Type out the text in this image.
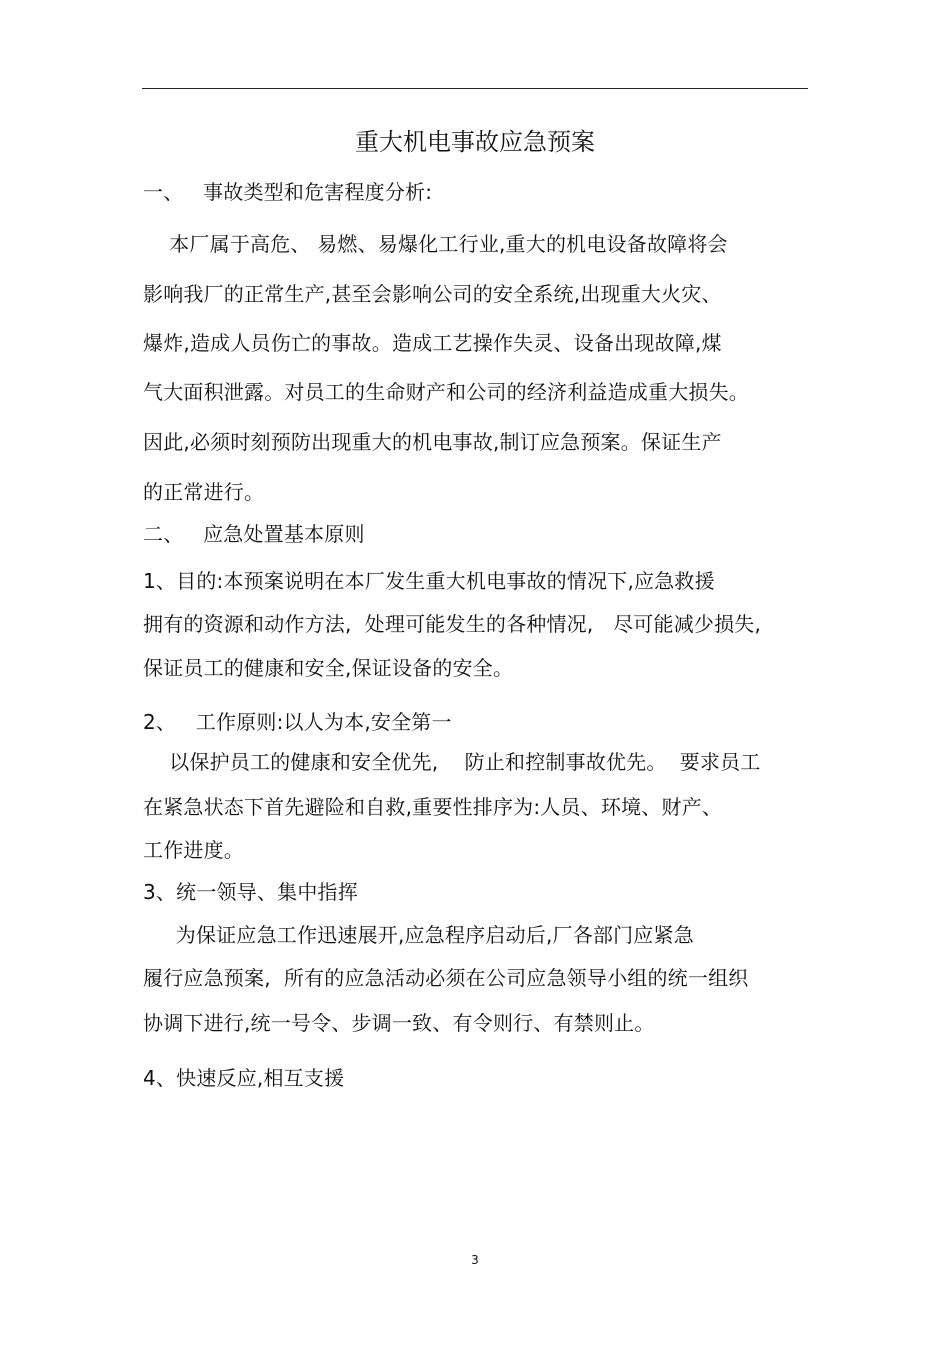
重大机电事故应急预案
一、   事故类型和危害程度分析:
本厂属于高危、 易燃、易爆化工行业,重大的机电设备故障将会
影响我厂的正常生产,甚至会影响公司的安全系统,出现重大火灾、
爆炸,造成人员伤亡的事故。造成工艺操作失灵、设备出现故障,煤
气大面积泄露。对员工的生命财产和公司的经济利益造成重大损失。
因此,必须时刻预防出现重大的机电事故,制订应急预案。保证生产
的正常进行。
二、   应急处置基本原则
1、目的:本预案说明在本厂发生重大机电事故的情况下,应急救援
拥有的资源和动作方法,  处理可能发生的各种情况,   尽可能减少损失,
保证员工的健康和安全,保证设备的安全。
2、   工作原则:以人为本,安全第一
以保护员工的健康和安全优先,    防止和控制事故优先。  要求员工
在紧急状态下首先避险和自救,重要性排序为:人员、环境、财产、
工作进度。
3、统一领导、集中指挥
为保证应急工作迅速展开,应急程序启动后,厂各部门应紧急
履行应急预案,  所有的应急活动必须在公司应急领导小组的统一组织
协调下进行,统一号令、步调一致、有令则行、有禁则止。
4、快速反应,相互支援
3
